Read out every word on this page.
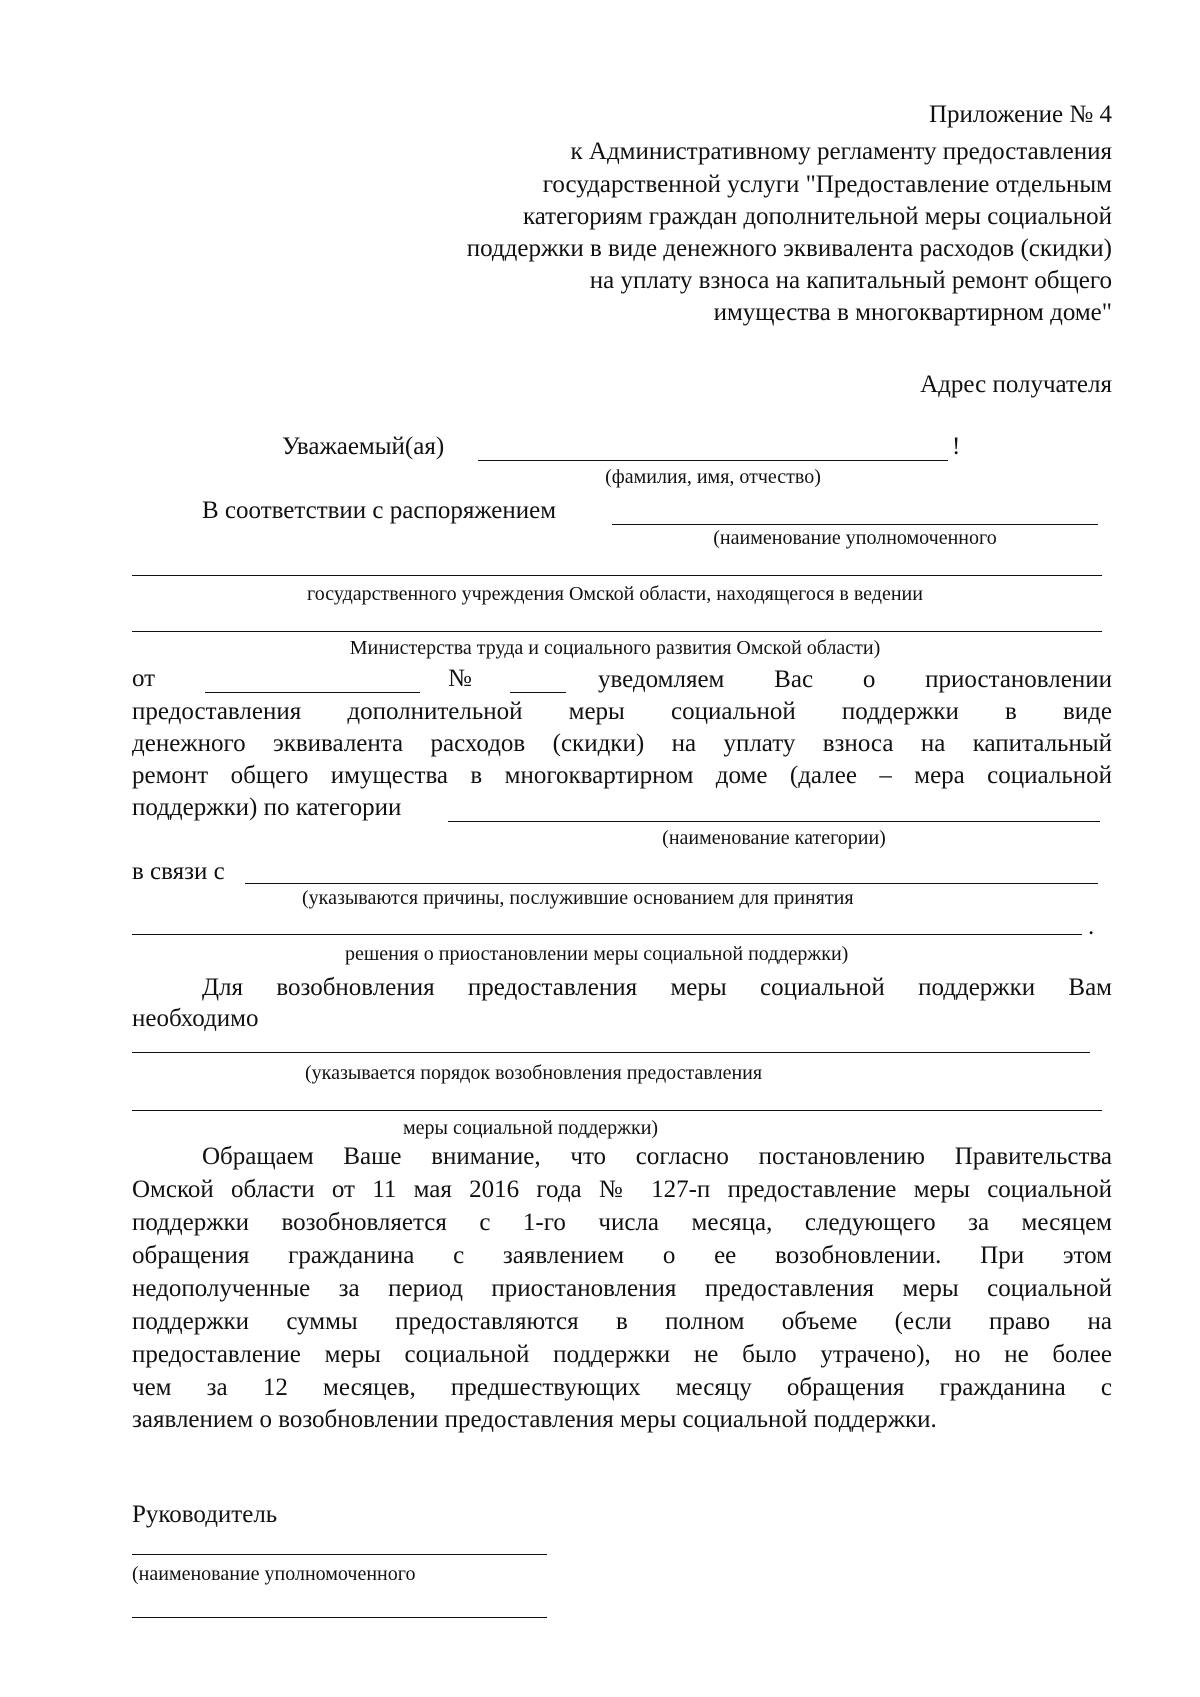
Приложение № 4
к Административному регламенту предоставления
государственной услуги "Предоставление отдельным
категориям граждан дополнительной меры социальной
поддержки в виде денежного эквивалента расходов (скидки)
на уплату взноса на капитальный ремонт общего
имущества в многоквартирном доме"
Адрес получателя
Уважаемый(ая)	!
(фамилия, имя, отчество)
В соответствии с распоряжением
(наименование уполномоченного
государственного учреждения Омской области, находящегося в ведении
Министерства труда и социального развития Омской области)
от	№	уведомляем Вас о приостановлении
предоставления дополнительной меры социальной поддержки в виде
денежного эквивалента расходов (скидки) на уплату взноса на капитальный
ремонт общего имущества в многоквартирном доме (далее – мера социальной
поддержки) по категории
(наименование категории)
в связи с
(указываются причины, послужившие основанием для принятия
.
решения о приостановлении меры социальной поддержки)
Для возобновления предоставления меры социальной поддержки Вам
необходимо
(указывается порядок возобновления предоставления
меры социальной поддержки)
Обращаем Ваше внимание, что согласно постановлению Правительства
Омской области от 11 мая 2016 года № 127-п предоставление меры социальной
поддержки возобновляется с 1-го числа месяца, следующего за месяцем
обращения гражданина с заявлением о ее возобновлении. При этом
недополученные за период приостановления предоставления меры социальной
поддержки суммы предоставляются в полном объеме (если право на
предоставление меры социальной поддержки не было утрачено), но не более
чем за 12 месяцев, предшествующих месяцу обращения гражданина с
заявлением о возобновлении предоставления меры социальной поддержки.
Руководитель
(наименование уполномоченного
